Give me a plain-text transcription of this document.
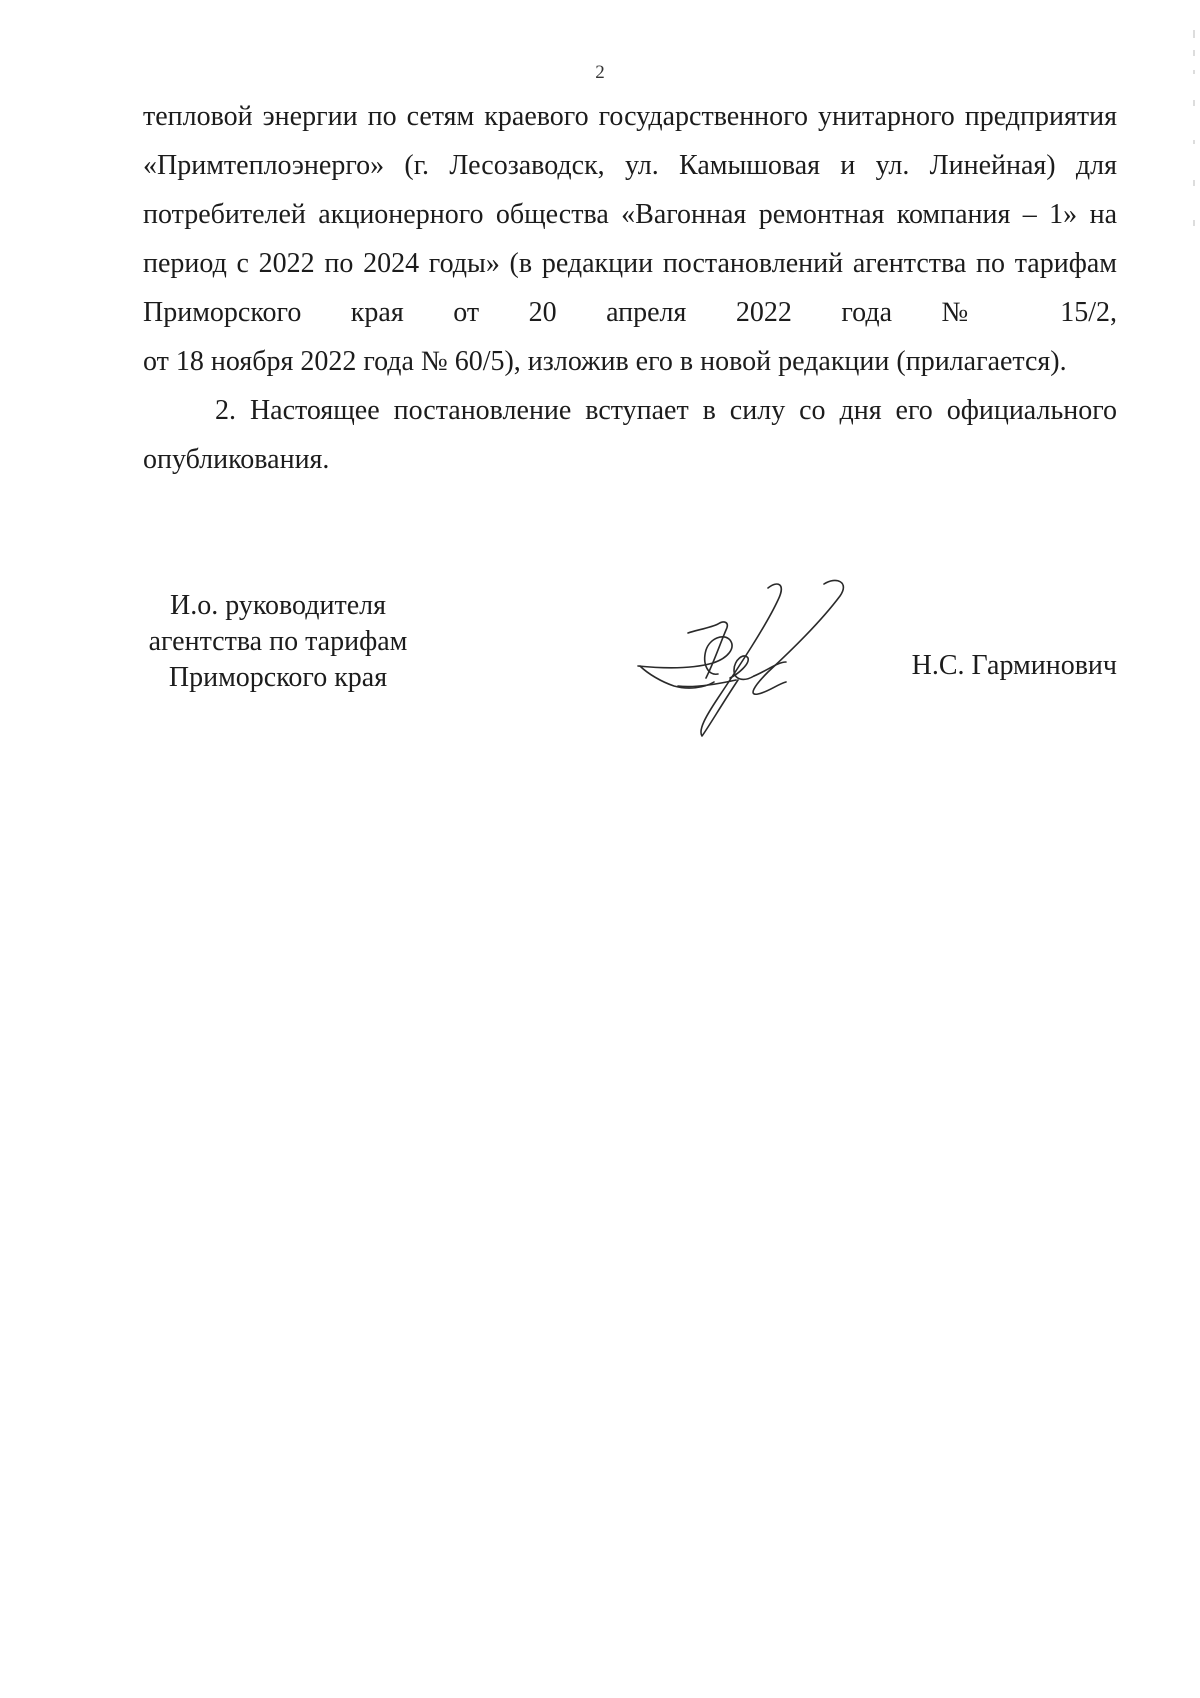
2
тепловой энергии по сетям краевого государственного унитарного предприятия
«Примтеплоэнерго» (г. Лесозаводск, ул. Камышовая и ул. Линейная) для
потребителей акционерного общества «Вагонная ремонтная компания – 1» на
период с 2022 по 2024 годы» (в редакции постановлений агентства по тарифам
Приморского края от 20 апреля 2022 года № 15/2,
от 18 ноября 2022 года № 60/5), изложив его в новой редакции (прилагается).
2. Настоящее постановление вступает в силу со дня его официального
опубликования.
И.о. руководителя
агентства по тарифам
Приморского края	Н.С. Гарминович
